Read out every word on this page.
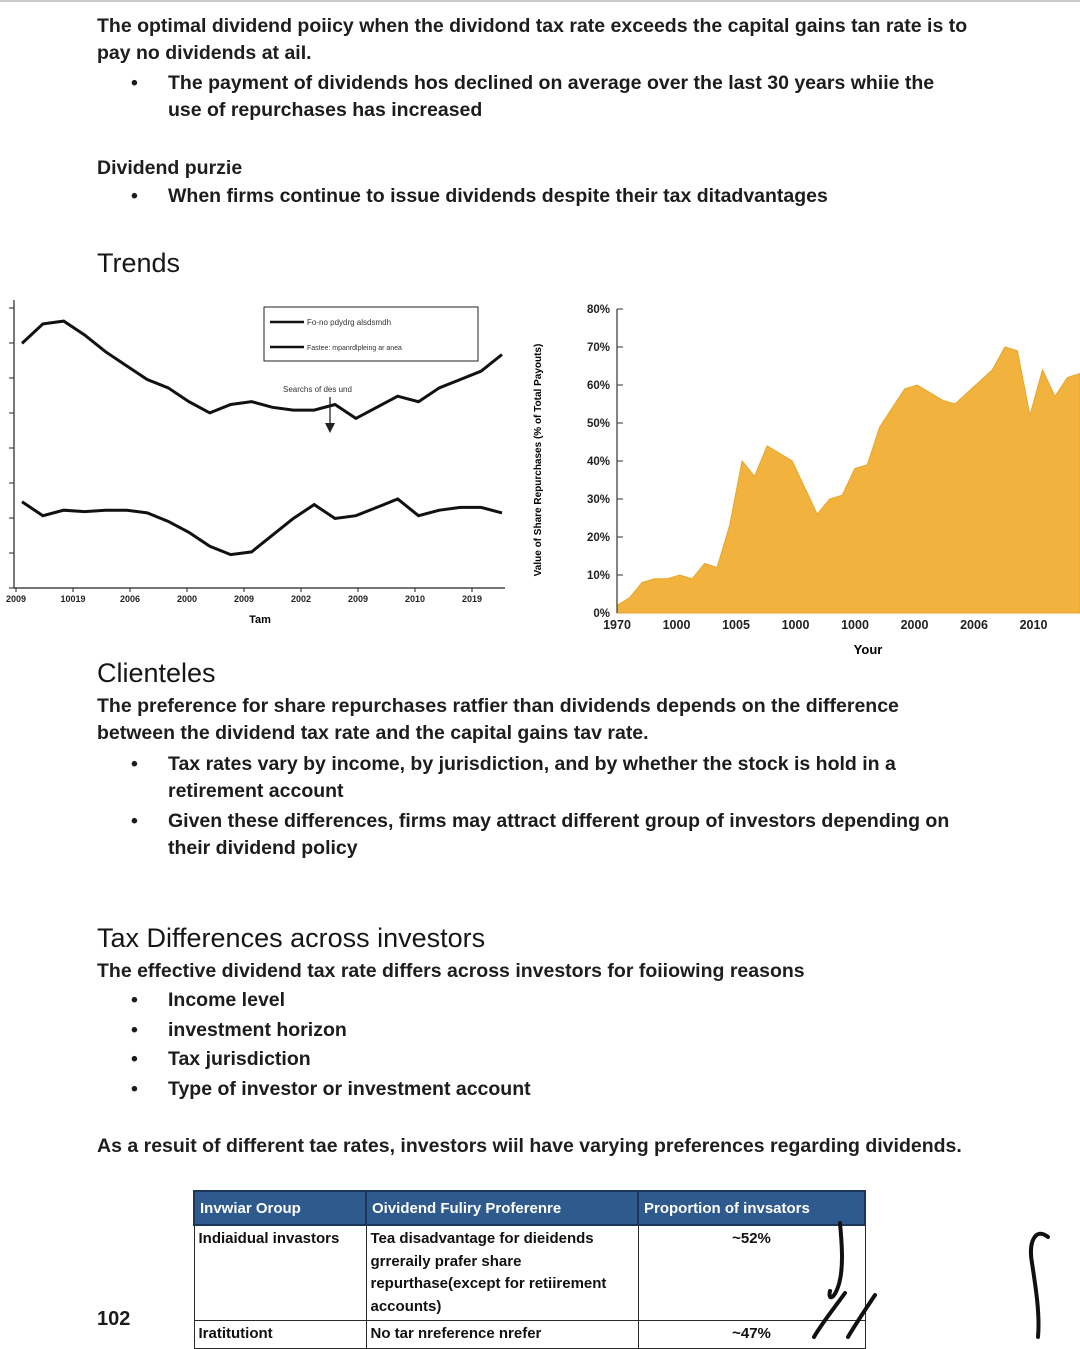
The optimal dividend poiicy when the dividond tax rate exceeds the capital gains tan rate is to pay no dividends at aiI.

• The payment of dividends hos declined on average over the last 30 years whiie the use of repurchases has increased

Dividend purzie

• When firms continue to issue dividends despite their tax ditadvantages

Trends

2009	10019	2006	2000	2009	2002	2009	2010	2019
Fo-no pdydrg alsdsmdh
Fastee: mpanrdlpleing ar anea
Searchs of des und
Tam
Value of Share Repurchases (% of Total Payouts)
0%
10%
20%
30%
40%
50%
60%
70%
80%
1970	1000	1005	1000	1000	2000	2006	2010
Your

Clienteles

The preference for share repurchases ratfier than dividends depends on the difference between the dividend tax rate and the capital gains tav rate.

• Tax rates vary by income, by jurisdiction, and by whether the stock is hold in a retirement account
• Given these differences, firms may attract different group of investors depending on their dividend policy

Tax Differences across investors

The effective dividend tax rate differs across investors for foiiowing reasons

• Income level
• investment horizon
• Tax jurisdiction
• Type of investor or investment account

As a resuit of different tae rates, investors wiil have varying preferences regarding dividends.

Invwiar Oroup	Oividend Fuliry Proferenre	Proportion of invsators
Indiaidual invastors	Tea disadvantage for dieidends grreraily prafer share repurthase(except for retiirement accounts)	~52%
Iratitutiont	No tar nreference nrefer	~47%
102
